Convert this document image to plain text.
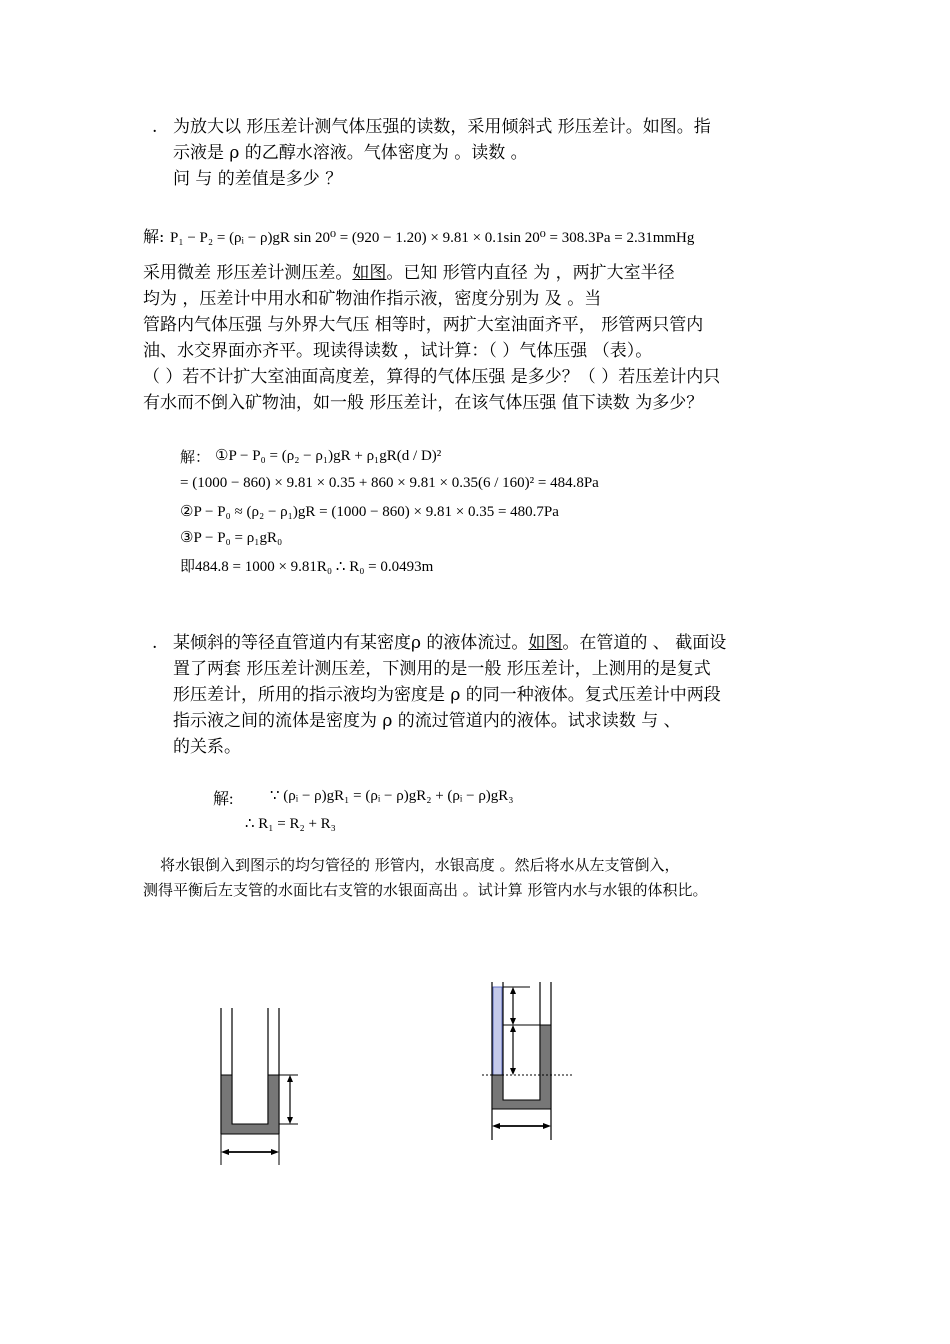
. 为放大以 形压差计测气体压强的读数，采用倾斜式 形压差计。如图。指
示液是 ρ 的乙醇水溶液。气体密度为 。读数 。
问 与 的差值是多少 ？
解: P₁ − P₂ = (ρᵢ − ρ)gR sin 20⁰ = (920 − 1.20) × 9.81 × 0.1sin 20⁰ = 308.3Pa = 2.31mmHg
采用微差 形压差计测压差。如图。已知 形管内直径 为 ，两扩大室半径
均为 ，压差计中用水和矿物油作指示液，密度分别为 及 。当
管路内气体压强 与外界大气压 相等时，两扩大室油面齐平， 形管两只管内
油、水交界面亦齐平。现读得读数 ，试计算：（ ）气体压强 （表）。
（ ）若不计扩大室油面高度差，算得的气体压强 是多少？（ ）若压差计内只
有水而不倒入矿物油，如一般 形压差计，在该气体压强 值下读数 为多少？
解： ①P − P₀ = (ρ₂ − ρ₁)gR + ρ₁gR(d / D)²
= (1000 − 860) × 9.81 × 0.35 + 860 × 9.81 × 0.35(6 / 160)² = 484.8Pa
②P − P₀ ≈ (ρ₂ − ρ₁)gR = (1000 − 860) × 9.81 × 0.35 = 480.7Pa
③P − P₀ = ρ₁gR₀
即484.8 = 1000 × 9.81R₀ ∴ R₀ = 0.0493m
. 某倾斜的等径直管道内有某密度ρ 的液体流过。如图。在管道的 、 截面设
置了两套 形压差计测压差，下测用的是一般 形压差计，上测用的是复式
形压差计，所用的指示液均为密度是 ρ 的同一种液体。复式压差计中两段
指示液之间的流体是密度为 ρ 的流过管道内的液体。试求读数 与 、
的关系。
解: ∵ (ρᵢ − ρ)gR₁ = (ρᵢ − ρ)gR₂ + (ρᵢ − ρ)gR₃
∴ R₁ = R₂ + R₃
将水银倒入到图示的均匀管径的 形管内，水银高度 。然后将水从左支管倒入，
测得平衡后左支管的水面比右支管的水银面高出 。试计算 形管内水与水银的体积比。
